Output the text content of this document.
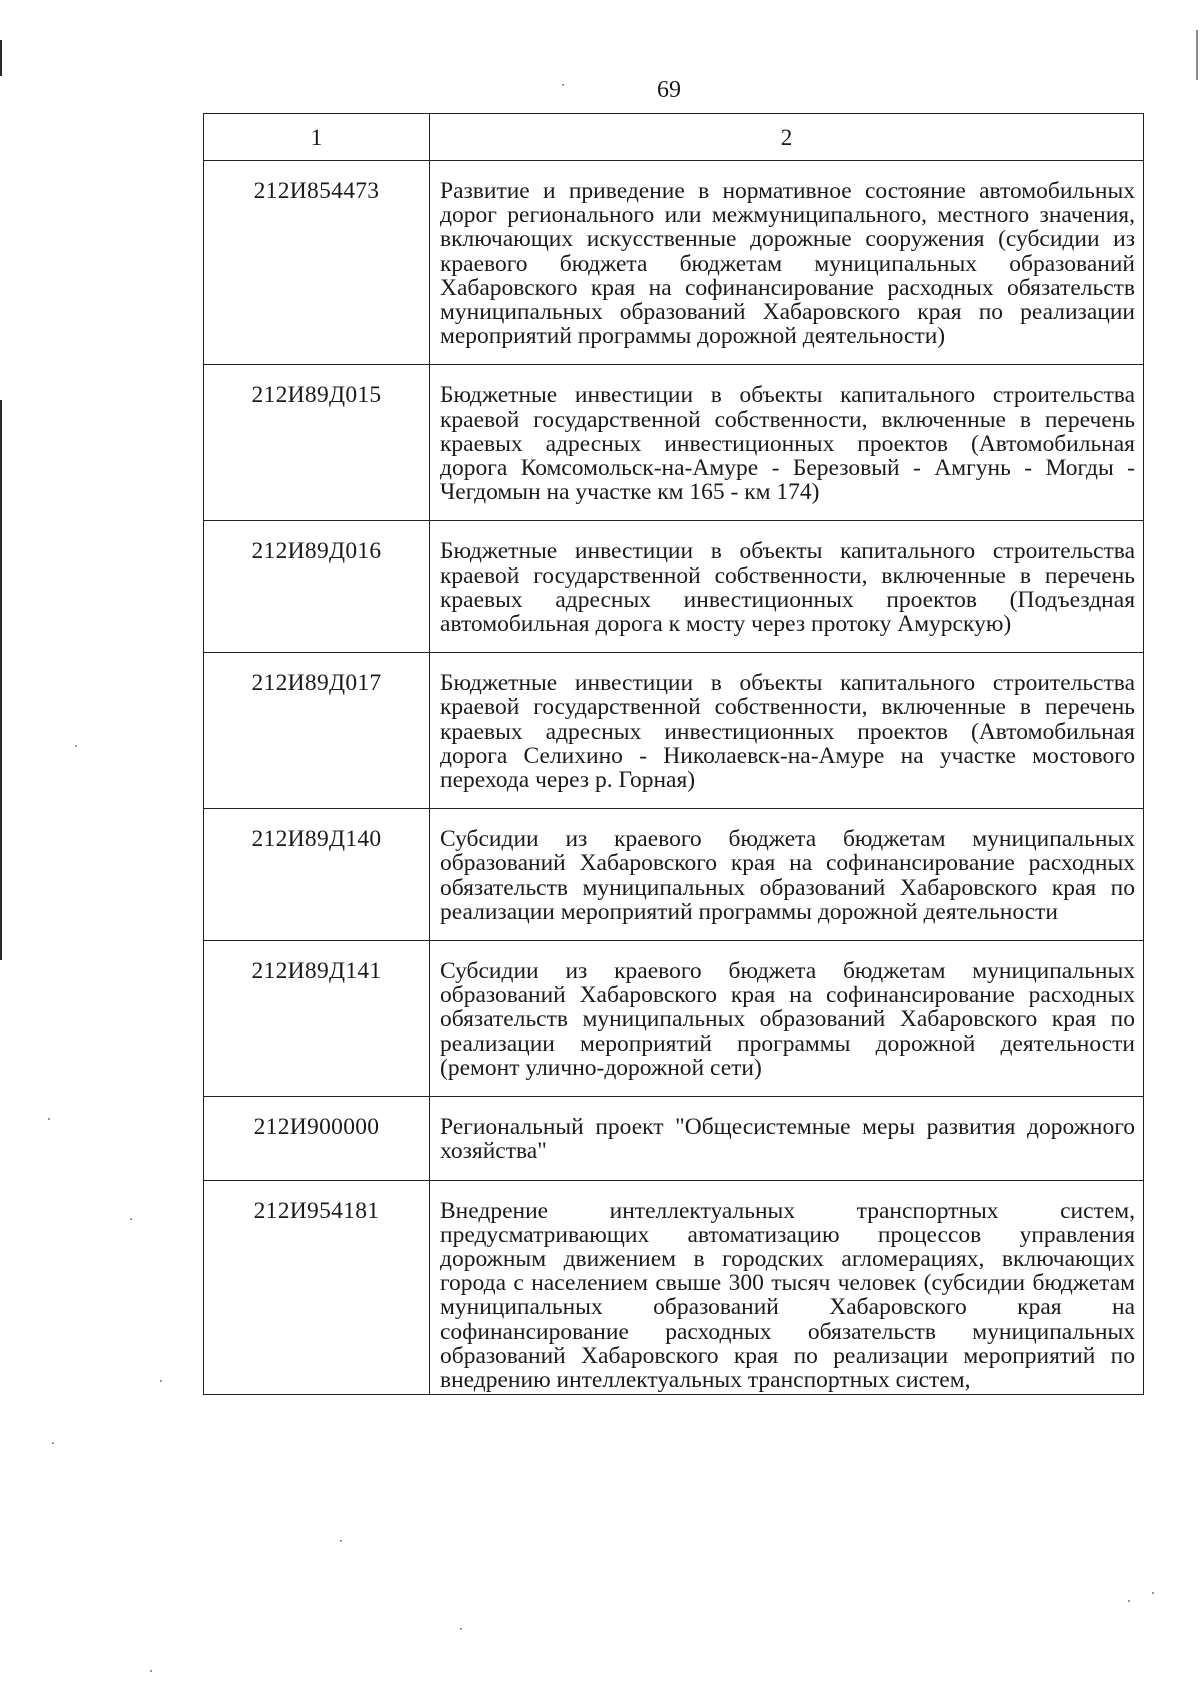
69
1	2
212И854473	Развитие и приведение в нормативное состояние автомобильных дорог регионального или межмуниципального, местного значения, включающих искусственные дорожные сооружения (субсидии из краевого бюджета бюджетам муниципальных образований Хабаровского края на софинансирование расходных обязательств муниципальных образований Хабаровского края по реализации мероприятий программы дорожной деятельности)
212И89Д015	Бюджетные инвестиции в объекты капитального строительства краевой государственной собственности, включенные в перечень краевых адресных инвестиционных проектов (Автомобильная дорога Комсомольск-на-Амуре - Березовый - Амгунь - Могды - Чегдомын на участке км 165 - км 174)
212И89Д016	Бюджетные инвестиции в объекты капитального строительства краевой государственной собственности, включенные в перечень краевых адресных инвестиционных проектов (Подъездная автомобильная дорога к мосту через протоку Амурскую)
212И89Д017	Бюджетные инвестиции в объекты капитального строительства краевой государственной собственности, включенные в перечень краевых адресных инвестиционных проектов (Автомобильная дорога Селихино - Николаевск-на-Амуре на участке мостового перехода через р. Горная)
212И89Д140	Субсидии из краевого бюджета бюджетам муниципальных образований Хабаровского края на софинансирование расходных обязательств муниципальных образований Хабаровского края по реализации мероприятий программы дорожной деятельности
212И89Д141	Субсидии из краевого бюджета бюджетам муниципальных образований Хабаровского края на софинансирование расходных обязательств муниципальных образований Хабаровского края по реализации мероприятий программы дорожной деятельности (ремонт улично-дорожной сети)
212И900000	Региональный проект "Общесистемные меры развития дорожного хозяйства"
212И954181	Внедрение интеллектуальных транспортных систем, предусматривающих автоматизацию процессов управления дорожным движением в городских агломерациях, включающих города с населением свыше 300 тысяч человек (субсидии бюджетам муниципальных образований Хабаровского края на софинансирование расходных обязательств муниципальных образований Хабаровского края по реализации мероприятий по внедрению интеллектуальных транспортных систем,
